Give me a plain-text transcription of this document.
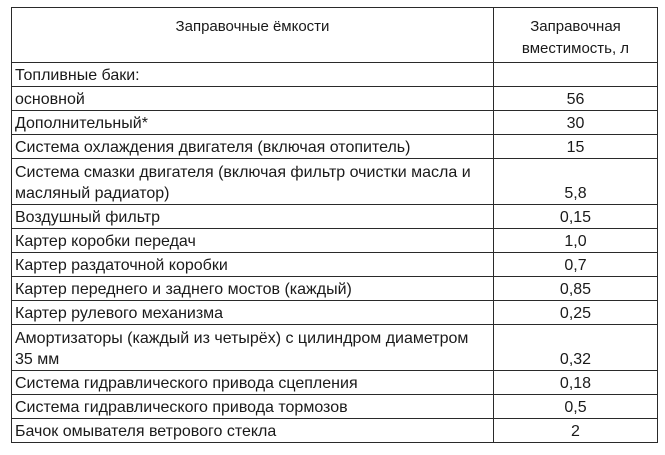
Заправочные ёмкости	Заправочная вместимость, л
Топливные баки:	
основной	56
Дополнительный*	30
Система охлаждения двигателя (включая отопитель)	15
Система смазки двигателя (включая фильтр очистки масла и масляный радиатор)	5,8
Воздушный фильтр	0,15
Картер коробки передач	1,0
Картер раздаточной коробки	0,7
Картер переднего и заднего мостов (каждый)	0,85
Картер рулевого механизма	0,25
Амортизаторы (каждый из четырёх) с цилиндром диаметром 35 мм	0,32
Система гидравлического привода сцепления	0,18
Система гидравлического привода тормозов	0,5
Бачок омывателя ветрового стекла	2
